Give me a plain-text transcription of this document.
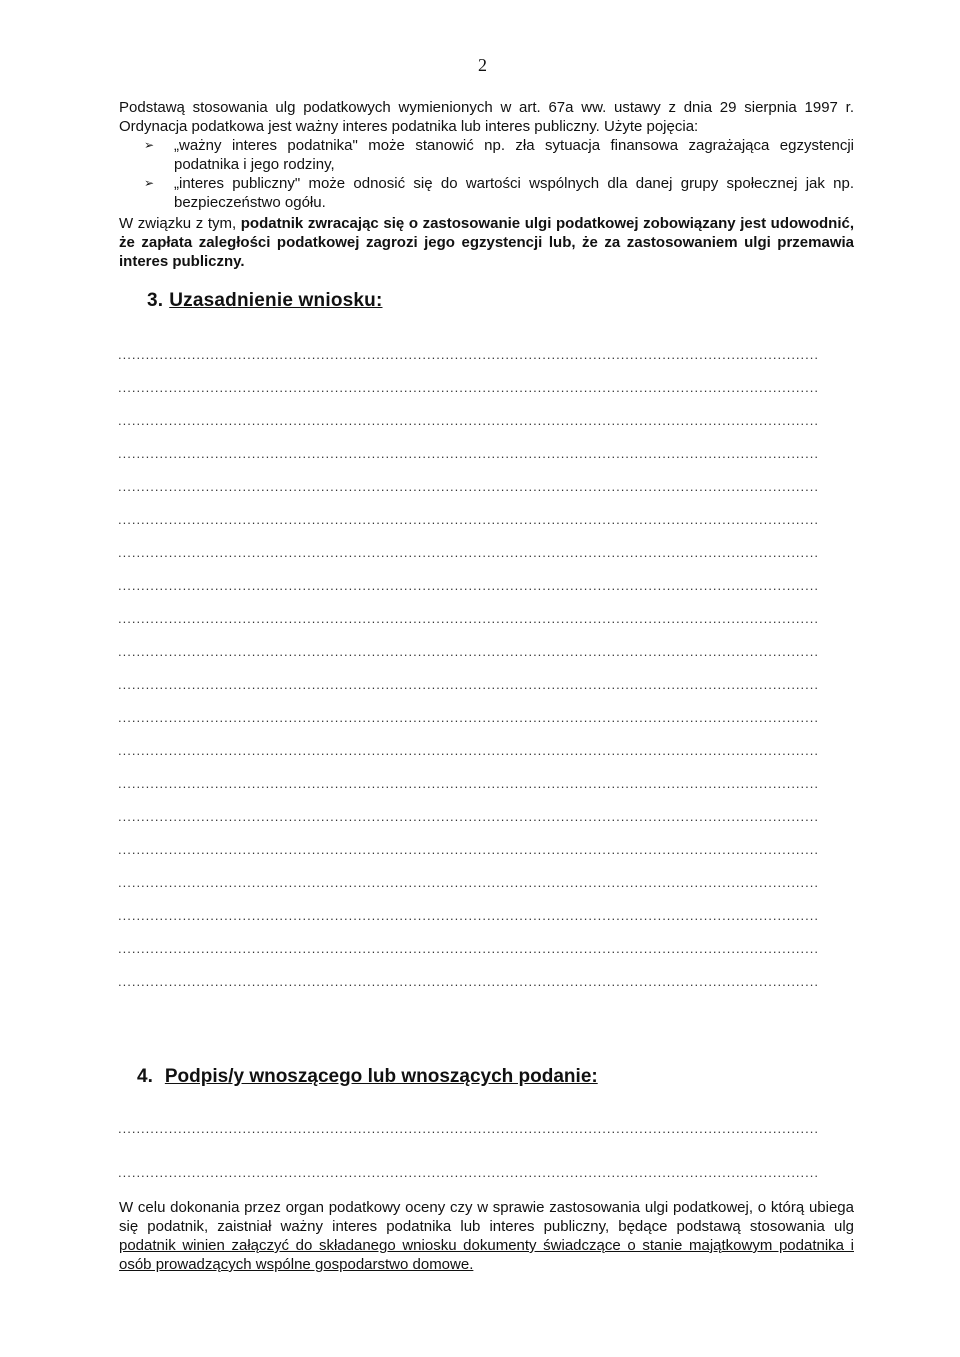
2

Podstawą stosowania ulg podatkowych wymienionych w art. 67a ww. ustawy z dnia 29 sierpnia 1997 r. Ordynacja podatkowa jest ważny interes podatnika lub interes publiczny. Użyte pojęcia:

➢	„ważny interes podatnika" może stanowić np. zła sytuacja finansowa zagrażająca egzystencji podatnika i jego rodziny,
➢	„interes publiczny" może odnosić się do wartości wspólnych dla danej grupy społecznej jak np. bezpieczeństwo ogółu.

W związku z tym, podatnik zwracając się o zastosowanie ulgi podatkowej zobowiązany jest udowodnić, że zapłata zaległości podatkowej zagrozi jego egzystencji lub, że za zastosowaniem ulgi przemawia interes publiczny.

3. Uzasadnienie wniosku:
........................................................................................................................................................
........................................................................................................................................................
........................................................................................................................................................
........................................................................................................................................................
........................................................................................................................................................
........................................................................................................................................................
........................................................................................................................................................
........................................................................................................................................................
........................................................................................................................................................
........................................................................................................................................................
........................................................................................................................................................
........................................................................................................................................................
........................................................................................................................................................
........................................................................................................................................................
........................................................................................................................................................
........................................................................................................................................................
........................................................................................................................................................
........................................................................................................................................................
........................................................................................................................................................
........................................................................................................................................................
4. Podpis/y wnoszącego lub wnoszących podanie:
........................................................................................................................................................
........................................................................................................................................................

W celu dokonania przez organ podatkowy oceny czy w sprawie zastosowania ulgi podatkowej, o którą ubiega się podatnik, zaistniał ważny interes podatnika lub interes publiczny, będące podstawą stosowania ulg podatnik winien załączyć do składanego wniosku dokumenty świadczące o stanie majątkowym podatnika i osób prowadzących wspólne gospodarstwo domowe.
